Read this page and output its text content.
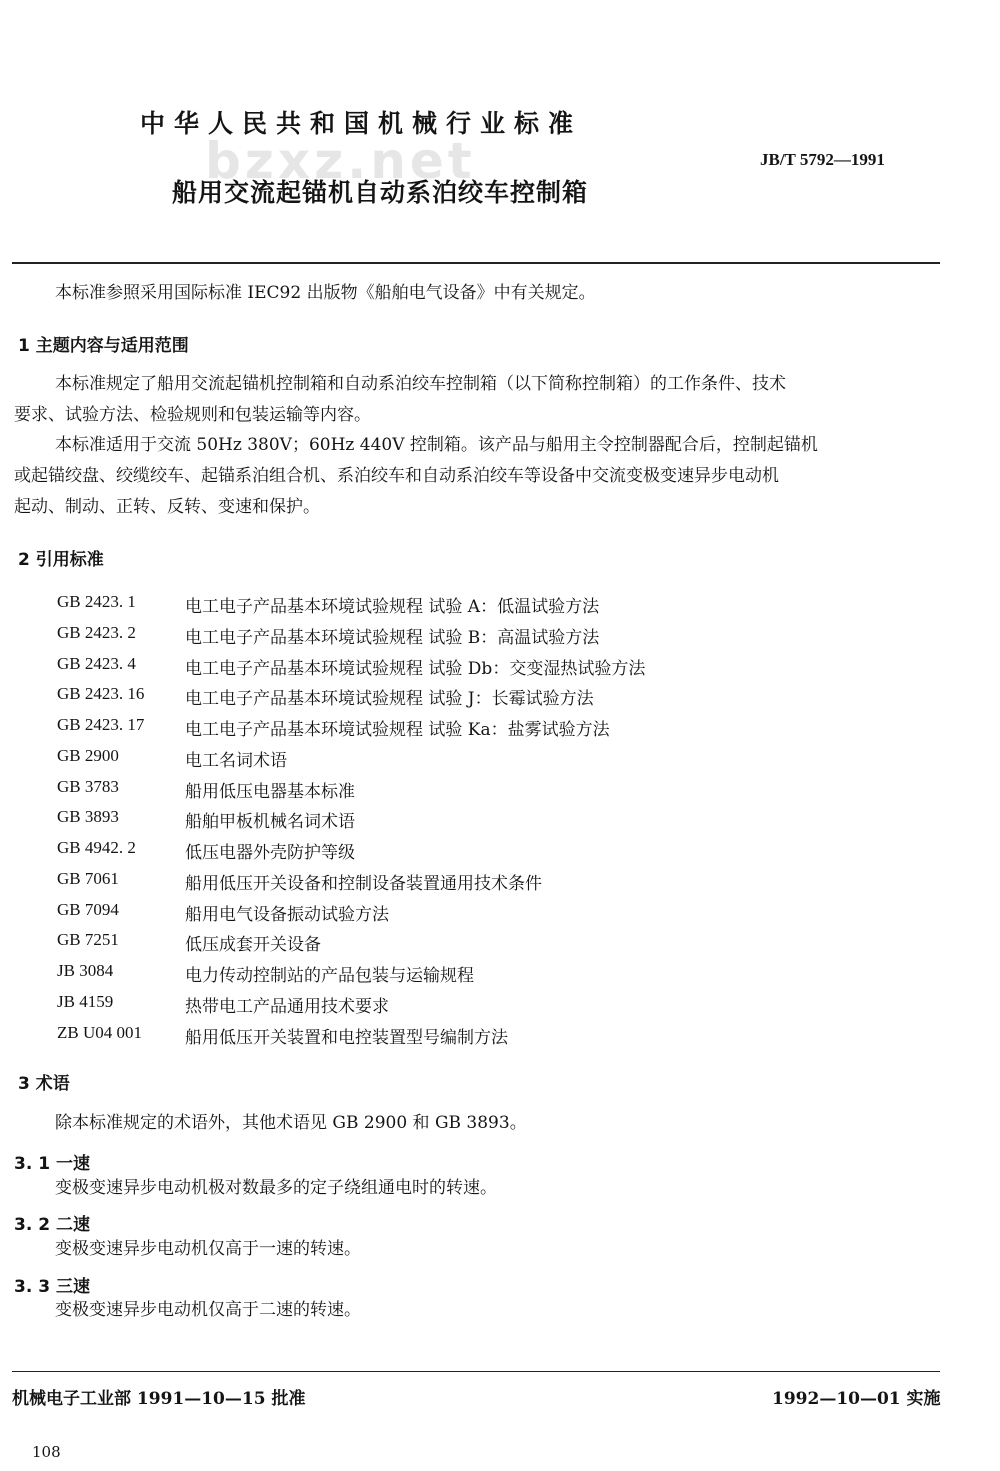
bzxz.net
中华人民共和国机械行业标准
JB/T 5792—1991
船用交流起锚机自动系泊绞车控制箱
本标准参照采用国际标准 IEC92 出版物《船舶电气设备》中有关规定。
1 主题内容与适用范围
本标准规定了船用交流起锚机控制箱和自动系泊绞车控制箱（以下简称控制箱）的工作条件、技术
要求、试验方法、检验规则和包装运输等内容。
本标准适用于交流 50Hz 380V；60Hz 440V 控制箱。该产品与船用主令控制器配合后，控制起锚机
或起锚绞盘、绞缆绞车、起锚系泊组合机、系泊绞车和自动系泊绞车等设备中交流变极变速异步电动机
起动、制动、正转、反转、变速和保护。
2 引用标准
GB 2423. 1	电工电子产品基本环境试验规程 试验 A：低温试验方法
GB 2423. 2	电工电子产品基本环境试验规程 试验 B：高温试验方法
GB 2423. 4	电工电子产品基本环境试验规程 试验 Db：交变湿热试验方法
GB 2423. 16 电工电子产品基本环境试验规程 试验 J：长霉试验方法
GB 2423. 17 电工电子产品基本环境试验规程 试验 Ka：盐雾试验方法
GB 2900	电工名词术语
GB 3783	船用低压电器基本标准
GB 3893	船舶甲板机械名词术语
GB 4942. 2	低压电器外壳防护等级
GB 7061	船用低压开关设备和控制设备装置通用技术条件
GB 7094	船用电气设备振动试验方法
GB 7251	低压成套开关设备
JB 3084	电力传动控制站的产品包装与运输规程
JB 4159	热带电工产品通用技术要求
ZB U04 001	船用低压开关装置和电控装置型号编制方法
3 术语
除本标准规定的术语外，其他术语见 GB 2900 和 GB 3893。
3. 1 一速
变极变速异步电动机极对数最多的定子绕组通电时的转速。
3. 2 二速
变极变速异步电动机仅高于一速的转速。
3. 3 三速
变极变速异步电动机仅高于二速的转速。
机械电子工业部 1991—10—15 批准	1992—10—01 实施
108
